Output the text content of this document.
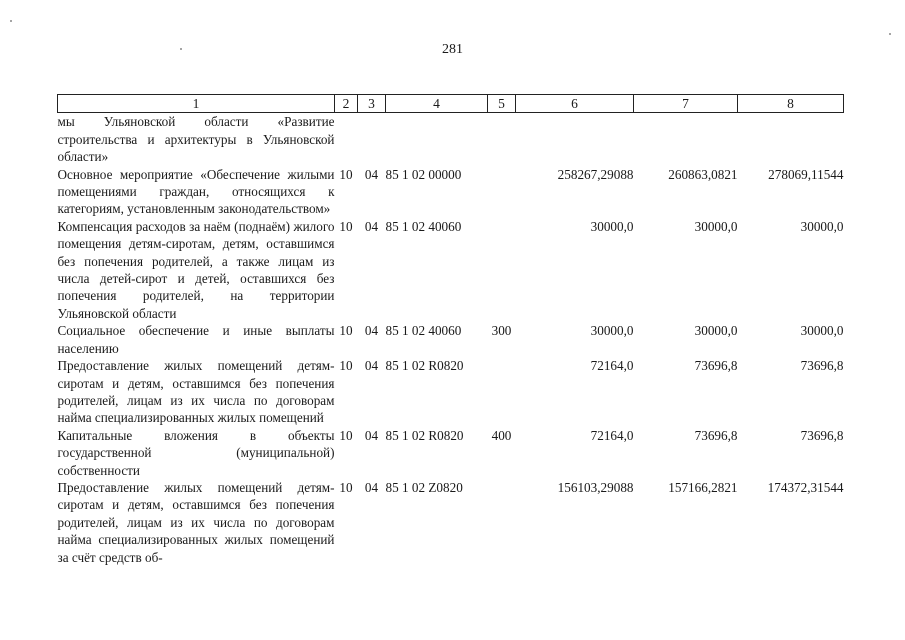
281
1	2	3	4	5	6	7	8
мы Ульяновской области «Развитие строительства и архитектуры в Ульяновской области»							
Основное мероприятие «Обеспечение жилыми помещениями граждан, относящихся к категориям, установленным законодательством»	10	04	85 1 02 00000		258267,29088	260863,0821	278069,11544
Компенсация расходов за наём (поднаём) жилого помещения детям-сиротам, детям, оставшимся без попечения родителей, а также лицам из числа детей-сирот и детей, оставшихся без попечения родителей, на территории Ульяновской области	10	04	85 1 02 40060		30000,0	30000,0	30000,0
Социальное обеспечение и иные выплаты населению	10	04	85 1 02 40060	300	30000,0	30000,0	30000,0
Предоставление жилых помещений детям-сиротам и детям, оставшимся без попечения родителей, лицам из их числа по договорам найма специализированных жилых помещений	10	04	85 1 02 R0820		72164,0	73696,8	73696,8
Капитальные вложения в объекты государственной (муниципальной) собственности	10	04	85 1 02 R0820	400	72164,0	73696,8	73696,8
Предоставление жилых помещений детям-сиротам и детям, оставшимся без попечения родителей, лицам из их числа по договорам найма специализированных жилых помещений за счёт средств об-	10	04	85 1 02 Z0820		156103,29088	157166,2821	174372,31544
